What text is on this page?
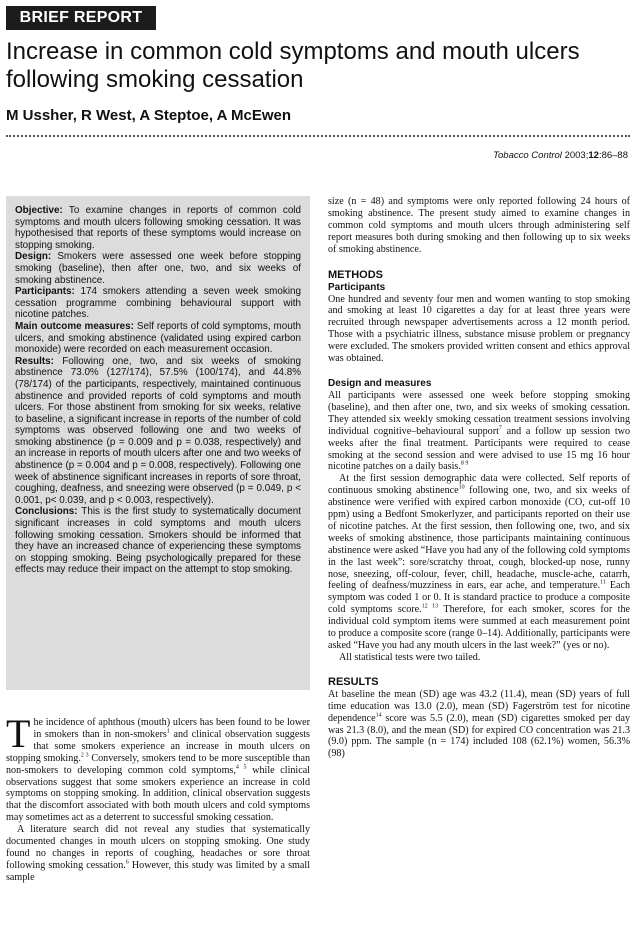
BRIEF REPORT
Increase in common cold symptoms and mouth ulcers following smoking cessation
M Ussher, R West, A Steptoe, A McEwen
Tobacco Control 2003;12:86–88

Objective: To examine changes in reports of common cold symptoms and mouth ulcers following smoking cessation. It was hypothesised that reports of these symptoms would increase on stopping smoking.

Design: Smokers were assessed one week before stopping smoking (baseline), then after one, two, and six weeks of smoking abstinence.

Participants: 174 smokers attending a seven week smoking cessation programme combining behavioural support with nicotine patches.

Main outcome measures: Self reports of cold symptoms, mouth ulcers, and smoking abstinence (validated using expired carbon monoxide) were recorded on each measurement occasion.

Results: Following one, two, and six weeks of smoking abstinence 73.0% (127/174), 57.5% (100/174), and 44.8% (78/174) of the participants, respectively, maintained continuous abstinence and provided reports of cold symptoms and mouth ulcers. For those abstinent from smoking for six weeks, relative to baseline, a significant increase in reports of the number of cold symptoms was observed following one and two weeks of smoking abstinence (p = 0.009 and p = 0.038, respectively) and an increase in reports of mouth ulcers after one and two weeks of abstinence (p = 0.004 and p = 0.008, respectively). Following one week of abstinence significant increases in reports of sore throat, coughing, deafness, and sneezing were observed (p = 0.049, p < 0.001, p< 0.039, and p < 0.003, respectively).

Conclusions: This is the first study to systematically document significant increases in cold symptoms and mouth ulcers following smoking cessation. Smokers should be informed that they have an increased chance of experiencing these symptoms on stopping smoking. Being psychologically prepared for these effects may reduce their impact on the attempt to stop smoking.

The incidence of aphthous (mouth) ulcers has been found to be lower in smokers than in non-smokers$^1$ and clinical observation suggests that some smokers experience an increase in mouth ulcers on stopping smoking.$^{2 3}$ Conversely, smokers tend to be more susceptible than non-smokers to developing common cold symptoms,$^{4 5}$ while clinical observations suggest that some smokers experience an increase in cold symptoms on stopping smoking. In addition, clinical observation suggests that the discomfort associated with both mouth ulcers and cold symptoms may sometimes act as a deterrent to successful smoking cessation.

A literature search did not reveal any studies that systematically documented changes in mouth ulcers on stopping smoking. One study found no changes in reports of coughing, headaches or sore throat following smoking cessation.$^6$ However, this study was limited by a small sample

size (n = 48) and symptoms were only reported following 24 hours of smoking abstinence. The present study aimed to examine changes in common cold symptoms and mouth ulcers through administering self report measures both during smoking and then following up to six weeks of smoking abstinence.

METHODS
Participants

One hundred and seventy four men and women wanting to stop smoking and smoking at least 10 cigarettes a day for at least three years were recruited through newspaper advertisements across a 12 month period. Those with a psychiatric illness, substance misuse problem or pregnancy were excluded. The smokers provided written consent and ethics approval was obtained.

Design and measures

All participants were assessed one week before stopping smoking (baseline), and then after one, two, and six weeks of smoking cessation. They attended six weekly smoking cessation treatment sessions involving individual cognitive–behavioural support$^7$ and a follow up session two weeks after the final treatment. Participants were required to cease smoking at the second session and were advised to use 15 mg 16 hour nicotine patches on a daily basis.$^{8 9}$

At the first session demographic data were collected. Self reports of continuous smoking abstinence$^{10}$ following one, two, and six weeks of abstinence were verified with expired carbon monoxide (CO, cut-off 10 ppm) using a Bedfont Smokerlyzer, and participants reported on their use of nicotine patches. At the first session, then following one, two, and six weeks of smoking abstinence, those participants maintaining continuous abstinence were asked “Have you had any of the following cold symptoms in the last week”: sore/scratchy throat, cough, blocked-up nose, runny nose, sneezing, off-colour, fever, chill, headache, muscle-ache, catarrh, feeling of deafness/muzziness in ears, ear ache, and temperature.$^{11}$ Each symptom was coded 1 or 0. It is standard practice to produce a composite cold symptoms score.$^{12 13}$ Therefore, for each smoker, scores for the individual cold symptom items were summed at each measurement point to produce a composite score (range 0–14). Additionally, participants were asked “Have you had any mouth ulcers in the last week?” (yes or no).

All statistical tests were two tailed.

RESULTS

At baseline the mean (SD) age was 43.2 (11.4), mean (SD) years of full time education was 13.0 (2.0), mean (SD) Fagerström test for nicotine dependence$^{14}$ score was 5.5 (2.0), mean (SD) cigarettes smoked per day was 21.3 (8.0), and the mean (SD) for expired CO concentration was 21.3 (9.0) ppm. The sample (n = 174) included 108 (62.1%) women, 56.3% (98)
